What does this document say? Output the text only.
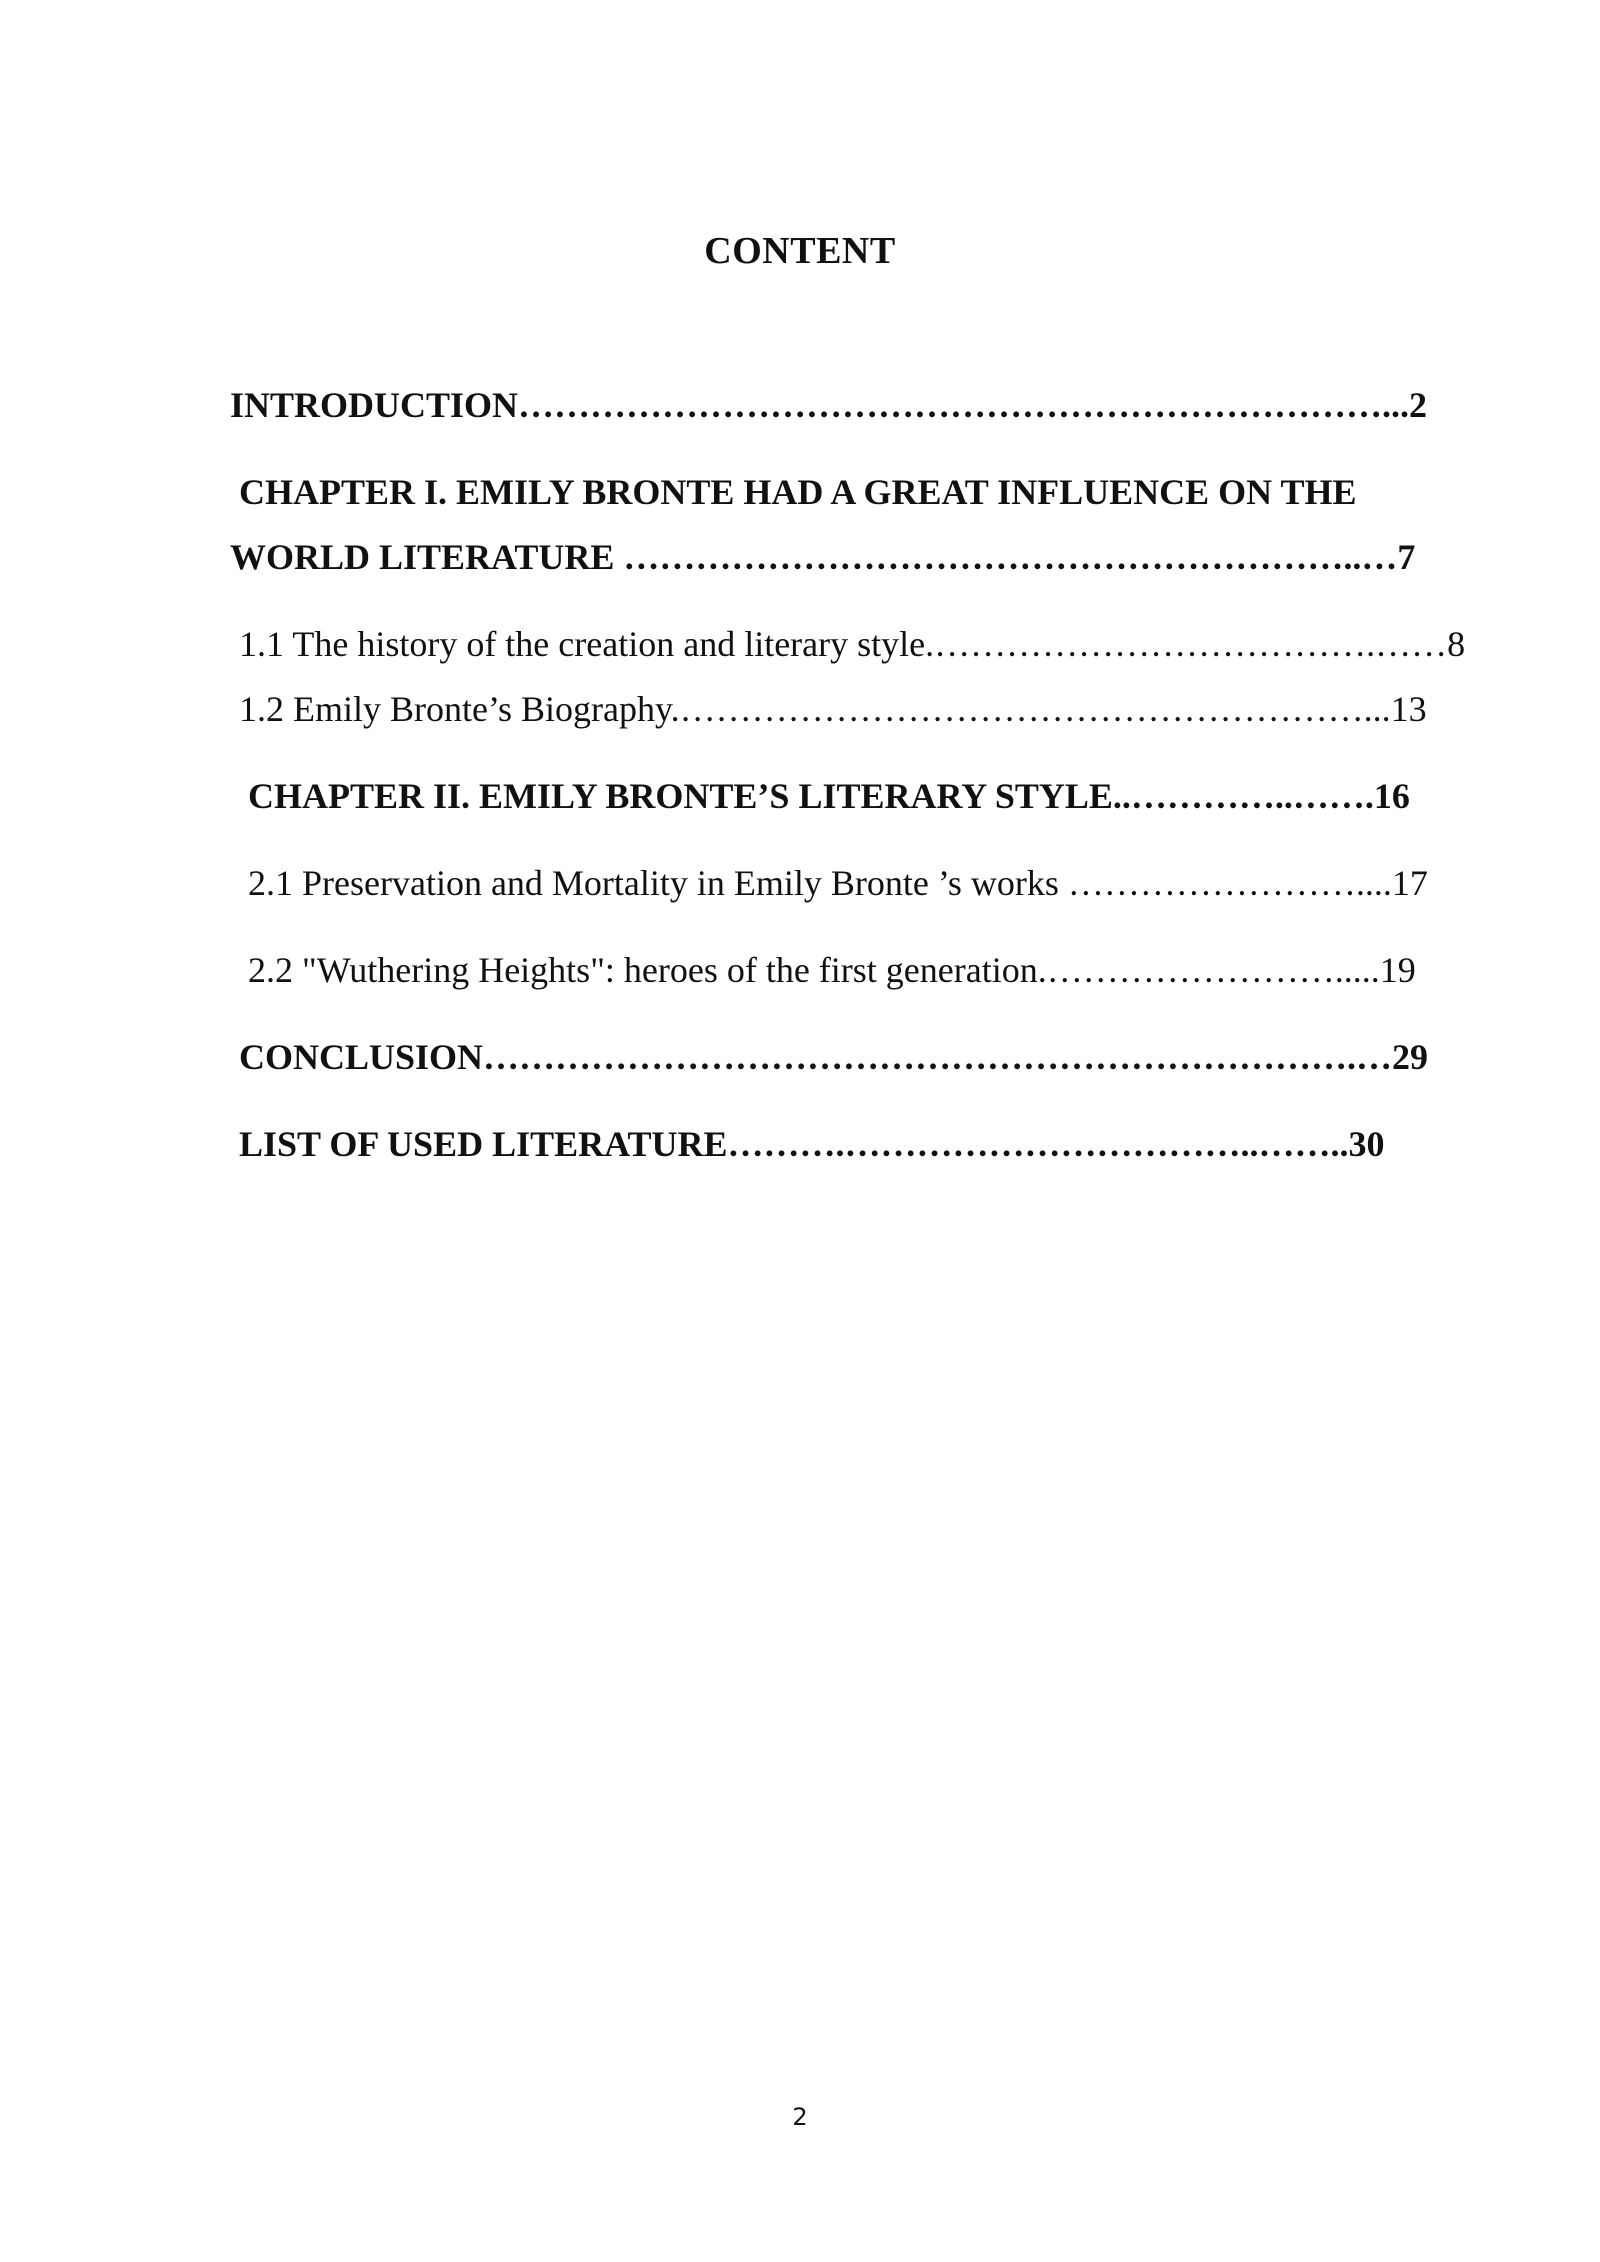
CONTENT
INTRODUCTION………………………………………………………………...2
CHAPTER I. EMILY BRONTE HAD A GREAT INFLUENCE ON THE
WORLD LITERATURE ……………………………………………………..…7
1.1 The history of the creation and literary style.……………………………….……8
1.2 Emily Bronte’s Biography.…………………………………………………...13
CHAPTER II. EMILY BRONTE’S LITERARY STYLE..…………..…….16
2.1 Preservation and Mortality in Emily Bronte ’s works ……………………....17
2.2 "Wuthering Heights": heroes of the first generation.…………………….....19
CONCLUSION……………………………………………………………….…29
LIST OF USED LITERATURE……….……………………………..……..30
2
